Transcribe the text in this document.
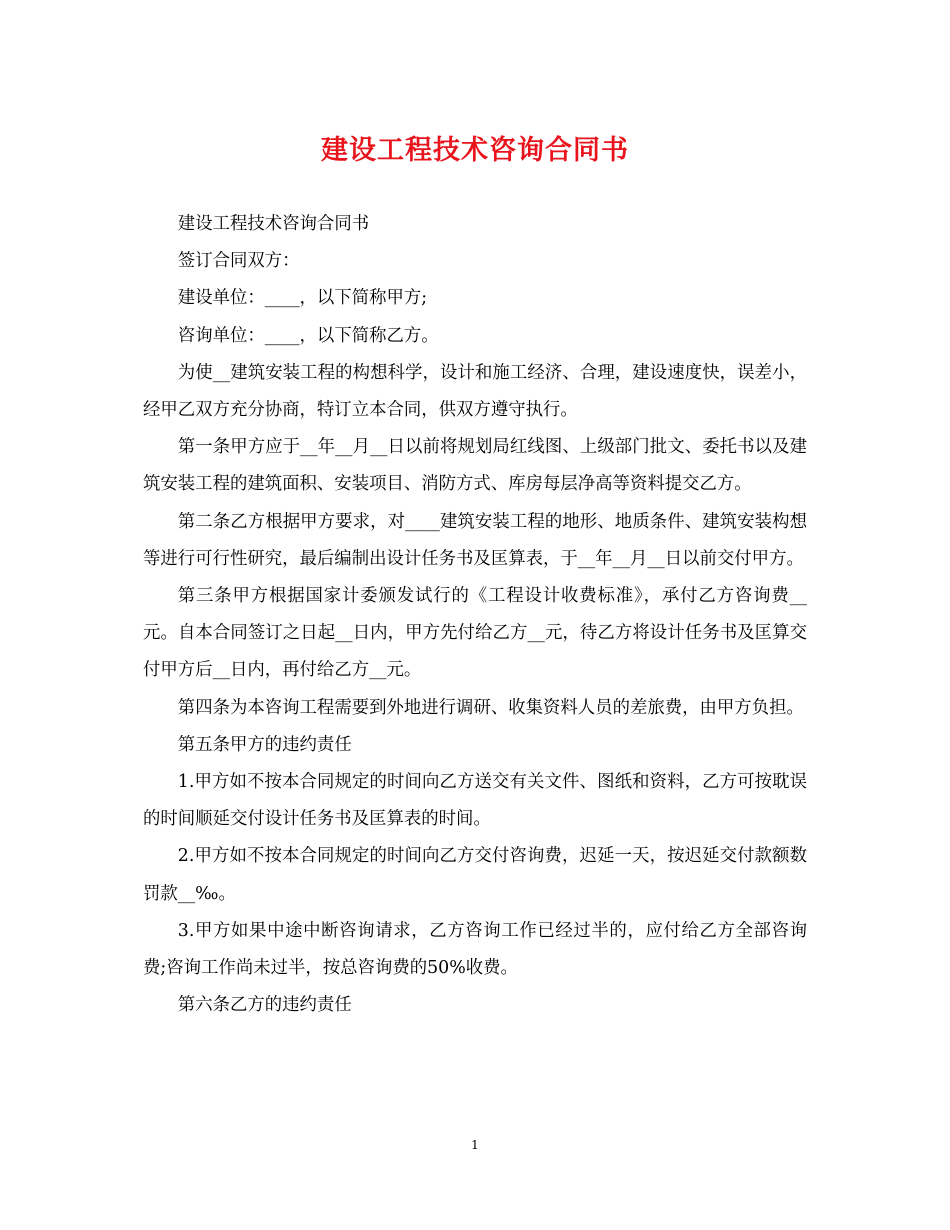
建设工程技术咨询合同书

建设工程技术咨询合同书

签订合同双方：

建设单位：____，以下简称甲方;

咨询单位：____，以下简称乙方。

为使__建筑安装工程的构想科学，设计和施工经济、合理，建设速度快，误差小，经甲乙双方充分协商，特订立本合同，供双方遵守执行。

第一条甲方应于__年__月__日以前将规划局红线图、上级部门批文、委托书以及建筑安装工程的建筑面积、安装项目、消防方式、库房每层净高等资料提交乙方。

第二条乙方根据甲方要求，对____建筑安装工程的地形、地质条件、建筑安装构想等进行可行性研究，最后编制出设计任务书及匡算表，于__年__月__日以前交付甲方。

第三条甲方根据国家计委颁发试行的《工程设计收费标准》，承付乙方咨询费__元。自本合同签订之日起__日内，甲方先付给乙方__元，待乙方将设计任务书及匡算交付甲方后__日内，再付给乙方__元。

第四条为本咨询工程需要到外地进行调研、收集资料人员的差旅费，由甲方负担。

第五条甲方的违约责任

1.甲方如不按本合同规定的时间向乙方送交有关文件、图纸和资料，乙方可按耽误的时间顺延交付设计任务书及匡算表的时间。

2.甲方如不按本合同规定的时间向乙方交付咨询费，迟延一天，按迟延交付款额数罚款__‰。

3.甲方如果中途中断咨询请求，乙方咨询工作已经过半的，应付给乙方全部咨询费;咨询工作尚未过半，按总咨询费的50%收费。

第六条乙方的违约责任

1
